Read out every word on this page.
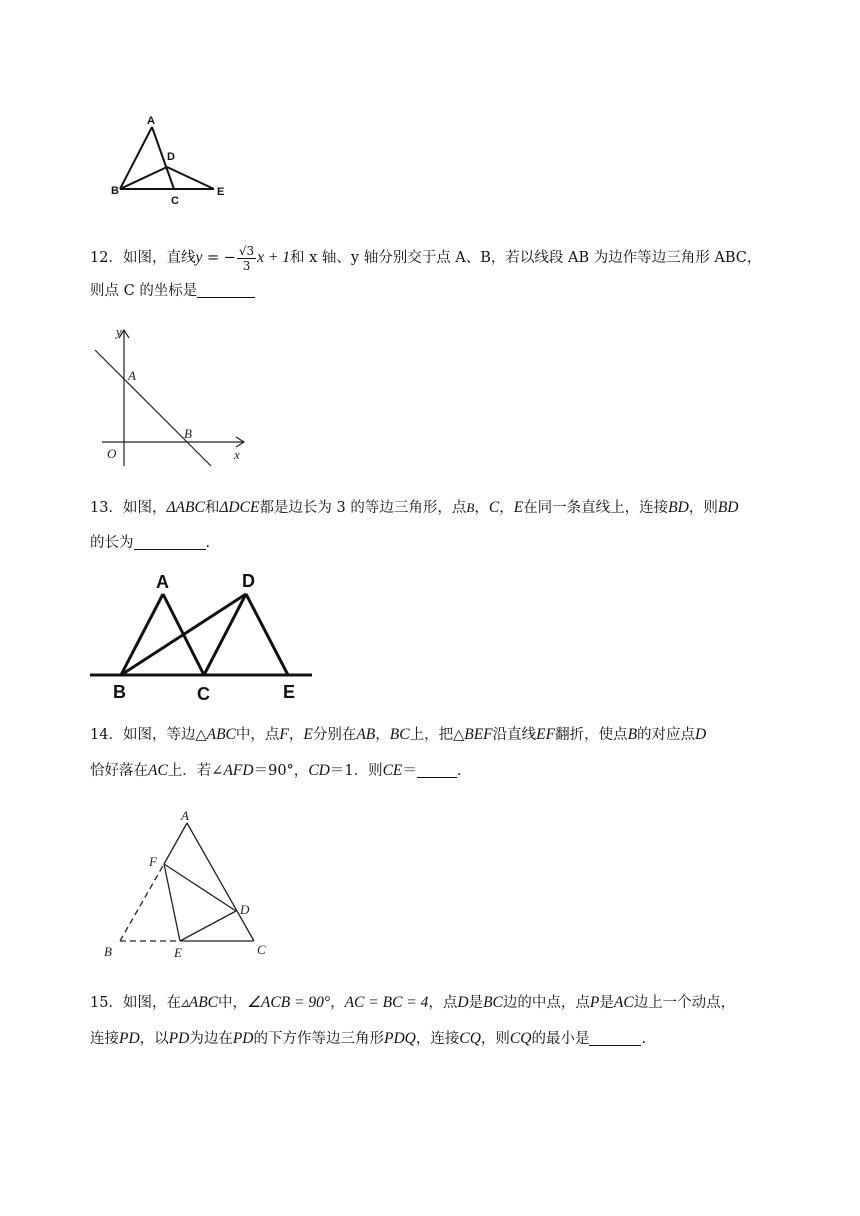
A
D
B
C
E
12．如图，直线y = − $\frac{√3}{3}$ x + 1和 x 轴、y 轴分别交于点 A、B，若以线段 AB 为边作等边三角形 ABC，
则点 C 的坐标是
y
x
O
A
B
13．如图，ΔABC和ΔDCE都是边长为 3 的等边三角形，点B，C，E在同一条直线上，连接BD，则BD
的长为	.
A	D
B	C	E
14．如图，等边△ABC中，点F，E分别在AB，BC上，把△BEF沿直线EF翻折，使点B的对应点D
恰好落在AC上．若∠AFD＝90°，CD＝1．则CE＝	.
A
F
D
B	E	C
15．如图，在▵ABC中，∠ACB = 90°，AC = BC = 4，点D是BC边的中点，点P是AC边上一个动点，
连接PD，以PD为边在PD的下方作等边三角形PDQ，连接CQ，则CQ的最小是	.
